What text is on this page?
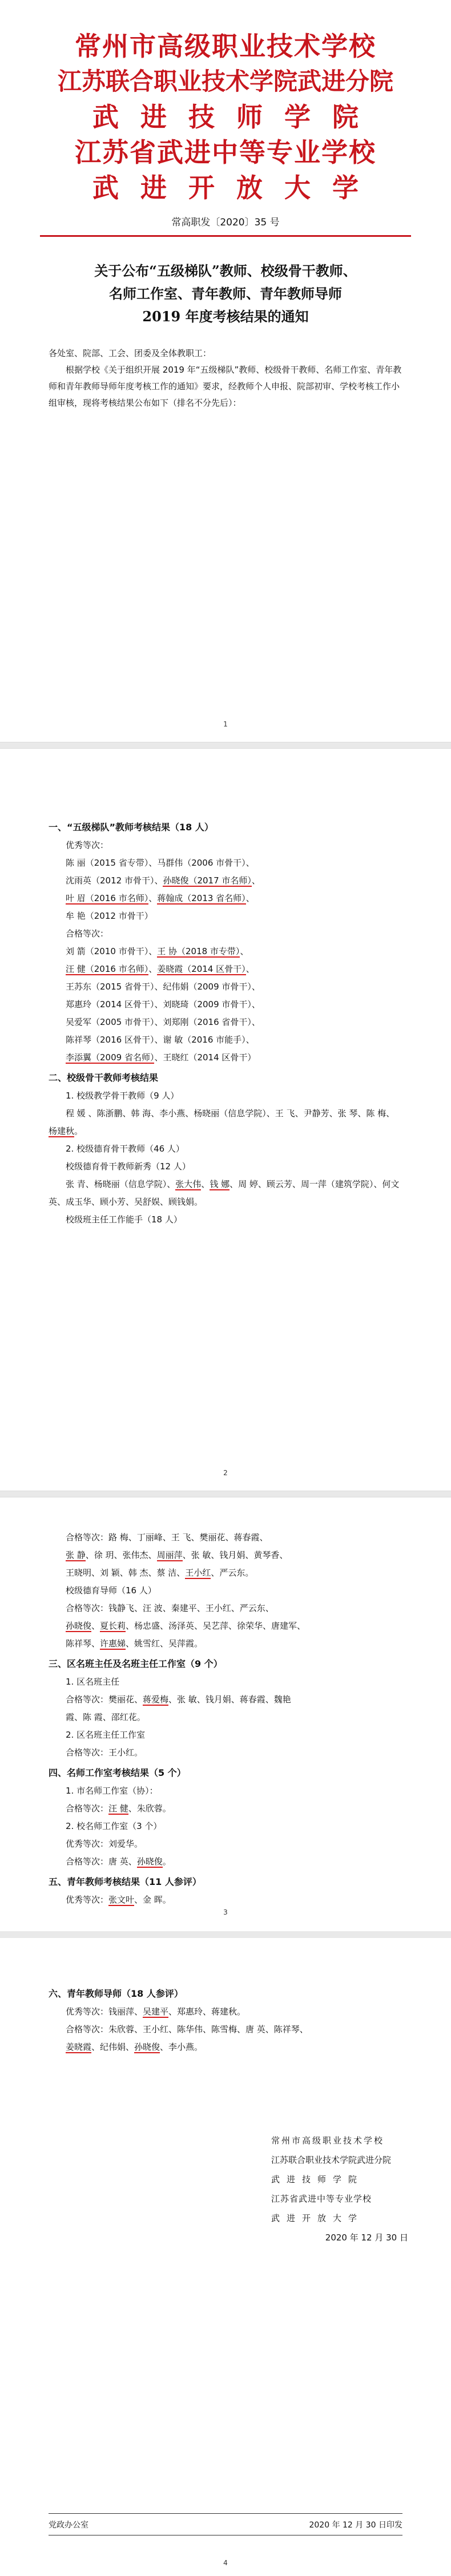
常州市高级职业技术学校
江苏联合职业技术学院武进分院
武进技师学院
江苏省武进中等专业学校
武进开放大学
常高职发〔2020〕35 号
关于公布“五级梯队”教师、校级骨干教师、
名师工作室、青年教师、青年教师导师
2019 年度考核结果的通知
各处室、院部、工会、团委及全体教职工：
根据学校《关于组织开展 2019 年“五级梯队”教师、校级骨干教师、名师工作室、青年教师和青年教师导师年度考核工作的通知》要求，经教师个人申报、院部初审、学校考核工作小组审核，现将考核结果公布如下（排名不分先后）：
1
一、“五级梯队”教师考核结果（18 人）
优秀等次：
陈 丽（2015 省专带）、马群伟（2006 市骨干）、
沈雨英（2012 市骨干）、孙晓俊（2017 市名师）、
叶 眉（2016 市名师）、蒋翰成（2013 省名师）、
牟 艳（2012 市骨干）
合格等次：
刘 箭（2010 市骨干）、王 协（2018 市专带）、
汪 健（2016 市名师）、姜晓霞（2014 区骨干）、
王苏东（2015 省骨干）、纪伟娟（2009 市骨干）、
郑惠玲（2014 区骨干）、刘晓琦（2009 市骨干）、
吴爱军（2005 市骨干）、刘郑刚（2016 省骨干）、
陈祥琴（2016 区骨干）、谢 敏（2016 市能手）、
李添翼（2009 省名师）、王晓红（2014 区骨干）
二、校级骨干教师考核结果
1. 校级教学骨干教师（9 人）
程 媛 、陈浙鹏、韩 海、李小燕、杨晓丽（信息学院）、王 飞、尹静芳、张 琴、陈 梅、杨建秋。
2. 校级德育骨干教师（46 人）
校级德育骨干教师新秀（12 人）
张 青、杨晓丽（信息学院）、张大伟、钱 娜、周 婷、顾云芳、周一萍（建筑学院）、何文英、成玉华、顾小芳、吴舒娱、顾钱娟。
校级班主任工作能手（18 人）
2
合格等次：路 梅、丁丽峰、王 飞、樊丽花、蒋春霞、
张 静、徐 玥、张伟杰、周丽萍、张 敏、钱月娟、黄琴香、
王晓明、刘 颖、韩 杰、蔡 洁、王小红、严云东。
校级德育导师（16 人）
合格等次：钱静飞、汪 波、秦建平、王小红、严云东、
孙晓俊、夏长莉、杨忠盛、汤泽英、吴艺萍、徐荣华、唐建军、
陈祥琴、许惠娣、姚雪红、吴萍霞。
三、区名班主任及名班主任工作室（9 个）
1. 区名班主任
合格等次：樊丽花、蒋爱梅、张 敏、钱月娟、蒋春霞、魏艳
霞、陈 霞、邵红花。
2. 区名班主任工作室
合格等次：王小红。
四、名师工作室考核结果（5 个）
1. 市名师工作室（协）：
合格等次：汪 健、朱欣蓉。
2. 校名师工作室（3 个）
优秀等次：刘爱华。
合格等次：唐 英、孙晓俊。
五、青年教师考核结果（11 人参评）
优秀等次：张文叶、金 晖。
3
六、青年教师导师（18 人参评）
优秀等次：钱丽萍、吴建平、郑惠玲、蒋建秋。
合格等次：朱欣蓉、王小红、陈华伟、陈雪梅、唐 英、陈祥琴、
姜晓霞、纪伟娟、孙晓俊、李小燕。
常州市高级职业技术学校
江苏联合职业技术学院武进分院
武进技师学院
江苏省武进中等专业学校
武进开放大学
2020 年 12 月 30 日
党政办公室	2020 年 12 月 30 日印发
4
